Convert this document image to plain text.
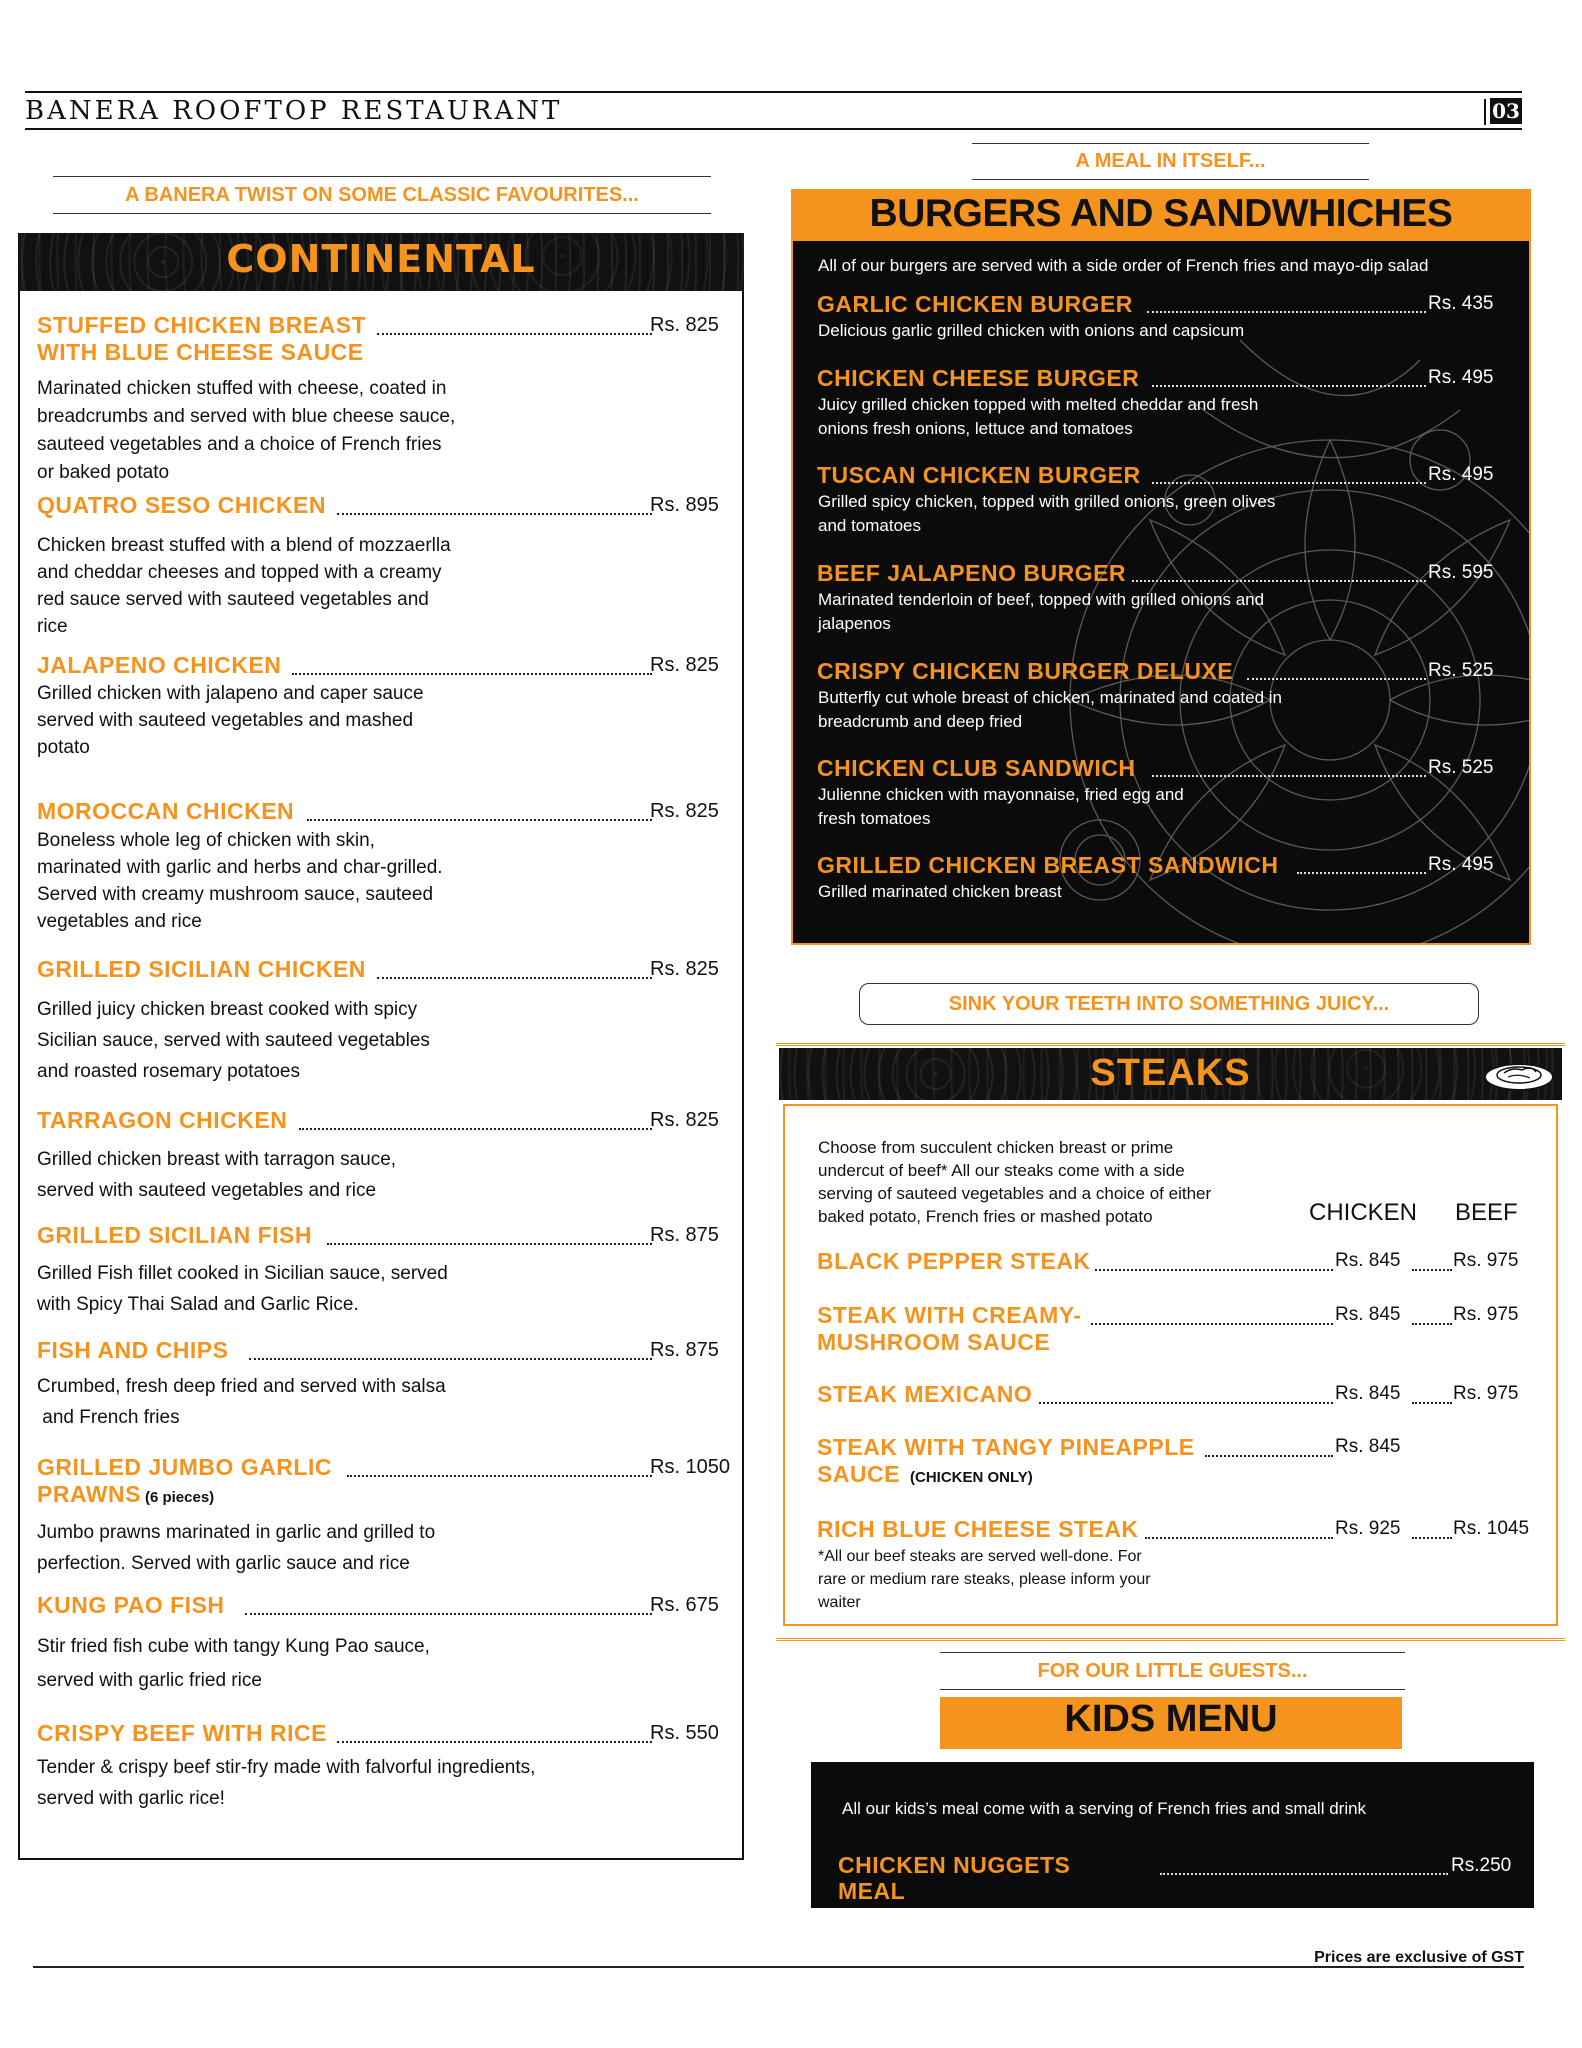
BANERA ROOFTOP RESTAURANT	03
A BANERA TWIST ON SOME CLASSIC FAVOURITES...
CONTINENTAL
STUFFED CHICKEN BREAST	Rs. 825
WITH BLUE CHEESE SAUCE
Marinated chicken stuffed with cheese, coated in
breadcrumbs and served with blue cheese sauce,
sauteed vegetables and a choice of French fries
or baked potato
QUATRO SESO CHICKEN	Rs. 895
Chicken breast stuffed with a blend of mozzaerlla
and cheddar cheeses and topped with a creamy
red sauce served with sauteed vegetables and
rice
JALAPENO CHICKEN	Rs. 825
Grilled chicken with jalapeno and caper sauce
served with sauteed vegetables and mashed
potato
MOROCCAN CHICKEN	Rs. 825
Boneless whole leg of chicken with skin,
marinated with garlic and herbs and char-grilled.
Served with creamy mushroom sauce, sauteed
vegetables and rice
GRILLED SICILIAN CHICKEN	Rs. 825
Grilled juicy chicken breast cooked with spicy
Sicilian sauce, served with sauteed vegetables
and roasted rosemary potatoes
TARRAGON CHICKEN	Rs. 825
Grilled chicken breast with tarragon sauce,
served with sauteed vegetables and rice
GRILLED SICILIAN FISH	Rs. 875
Grilled Fish fillet cooked in Sicilian sauce, served
with Spicy Thai Salad and Garlic Rice.
FISH AND CHIPS	Rs. 875
Crumbed, fresh deep fried and served with salsa
and French fries
GRILLED JUMBO GARLIC	Rs. 1050
PRAWNS (6 pieces)
Jumbo prawns marinated in garlic and grilled to
perfection. Served with garlic sauce and rice
KUNG PAO FISH	Rs. 675
Stir fried fish cube with tangy Kung Pao sauce,
served with garlic fried rice
CRISPY BEEF WITH RICE	Rs. 550
Tender & crispy beef stir-fry made with falvorful ingredients,
served with garlic rice!
A MEAL IN ITSELF...
BURGERS AND SANDWHICHES
All of our burgers are served with a side order of French fries and mayo-dip salad
GARLIC CHICKEN BURGER	Rs. 435
Delicious garlic grilled chicken with onions and capsicum
CHICKEN CHEESE BURGER	Rs. 495
Juicy grilled chicken topped with melted cheddar and fresh
onions fresh onions, lettuce and tomatoes
TUSCAN CHICKEN BURGER	Rs. 495
Grilled spicy chicken, topped with grilled onions, green olives
and tomatoes
BEEF JALAPENO BURGER	Rs. 595
Marinated tenderloin of beef, topped with grilled onions and
jalapenos
CRISPY CHICKEN BURGER DELUXE	Rs. 525
Butterfly cut whole breast of chicken, marinated and coated in
breadcrumb and deep fried
CHICKEN CLUB SANDWICH	Rs. 525
Julienne chicken with mayonnaise, fried egg and
fresh tomatoes
GRILLED CHICKEN BREAST SANDWICH	Rs. 495
Grilled marinated chicken breast
SINK YOUR TEETH INTO SOMETHING JUICY...
STEAKS
Choose from succulent chicken breast or prime
undercut of beef* All our steaks come with a side
serving of sauteed vegetables and a choice of either
baked potato, French fries or mashed potato	CHICKEN BEEF
BLACK PEPPER STEAK	Rs. 845	Rs. 975
STEAK WITH CREAMY-	Rs. 845	Rs. 975
MUSHROOM SAUCE
STEAK MEXICANO	Rs. 845	Rs. 975
STEAK WITH TANGY PINEAPPLE	Rs. 845
SAUCE (CHICKEN ONLY)
RICH BLUE CHEESE STEAK	Rs. 925	Rs. 1045
*All our beef steaks are served well-done. For
rare or medium rare steaks, please inform your
waiter
FOR OUR LITTLE GUESTS...
KIDS MENU
All our kids’s meal come with a serving of French fries and small drink
CHICKEN NUGGETS MEAL
Rs.250
Prices are exclusive of GST
